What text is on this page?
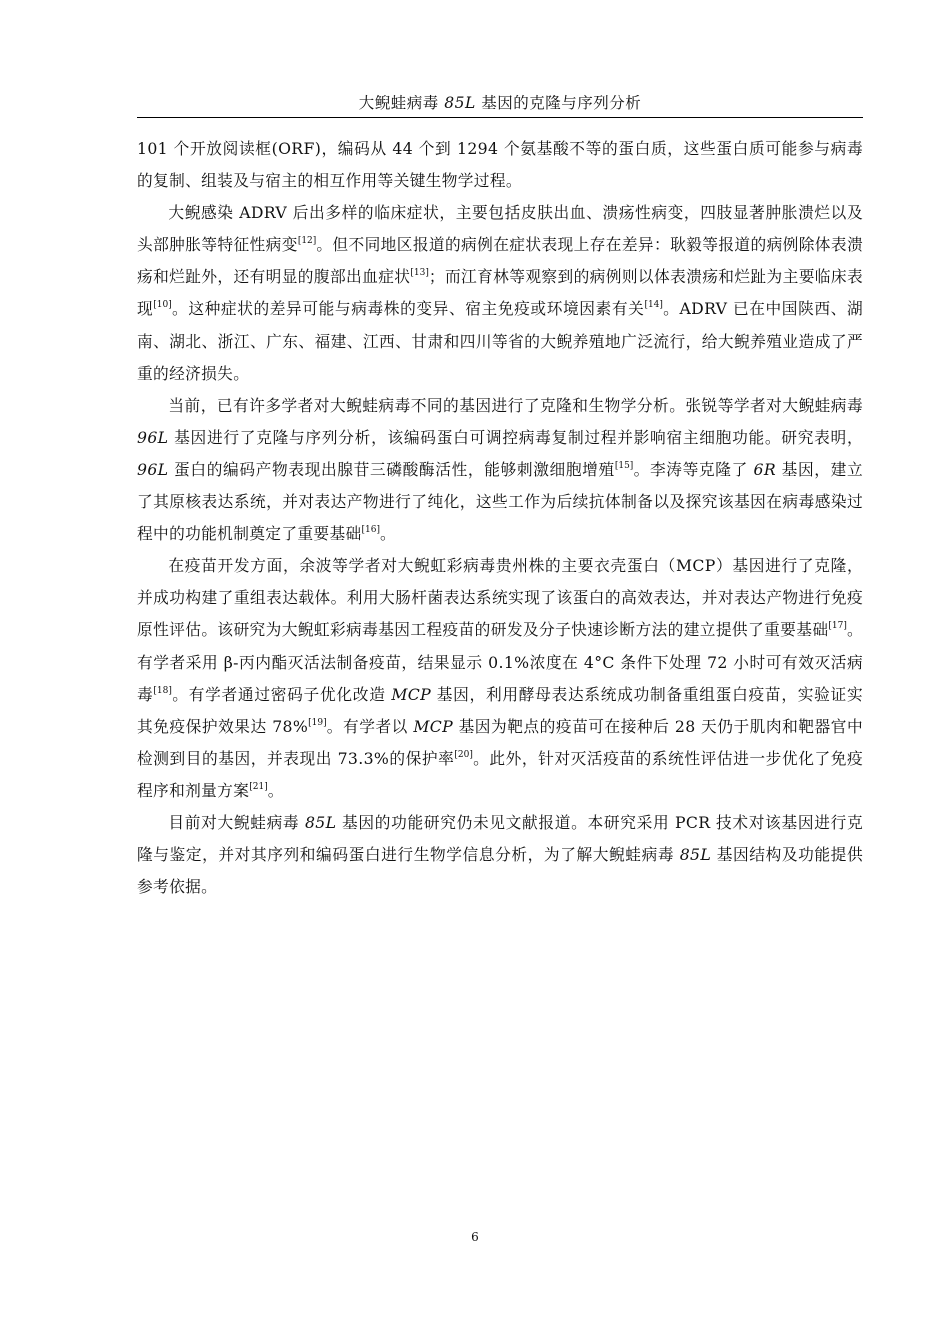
大鲵蛙病毒 85L 基因的克隆与序列分析

101 个开放阅读框(ORF)，编码从 44 个到 1294 个氨基酸不等的蛋白质，这些蛋白质可能参与病毒的复制、组装及与宿主的相互作用等关键生物学过程。

大鲵感染 ADRV 后出多样的临床症状，主要包括皮肤出血、溃疡性病变，四肢显著肿胀溃烂以及头部肿胀等特征性病变[12]。但不同地区报道的病例在症状表现上存在差异：耿毅等报道的病例除体表溃疡和烂趾外，还有明显的腹部出血症状[13]；而江育林等观察到的病例则以体表溃疡和烂趾为主要临床表现[10]。这种症状的差异可能与病毒株的变异、宿主免疫或环境因素有关[14]。ADRV 已在中国陕西、湖南、湖北、浙江、广东、福建、江西、甘肃和四川等省的大鲵养殖地广泛流行，给大鲵养殖业造成了严重的经济损失。

当前，已有许多学者对大鲵蛙病毒不同的基因进行了克隆和生物学分析。张锐等学者对大鲵蛙病毒 96L 基因进行了克隆与序列分析，该编码蛋白可调控病毒复制过程并影响宿主细胞功能。研究表明，96L 蛋白的编码产物表现出腺苷三磷酸酶活性，能够刺激细胞增殖[15]。李涛等克隆了 6R 基因，建立了其原核表达系统，并对表达产物进行了纯化，这些工作为后续抗体制备以及探究该基因在病毒感染过程中的功能机制奠定了重要基础[16]。

在疫苗开发方面，余波等学者对大鲵虹彩病毒贵州株的主要衣壳蛋白（MCP）基因进行了克隆，并成功构建了重组表达载体。利用大肠杆菌表达系统实现了该蛋白的高效表达，并对表达产物进行免疫原性评估。该研究为大鲵虹彩病毒基因工程疫苗的研发及分子快速诊断方法的建立提供了重要基础[17]。有学者采用 β-丙内酯灭活法制备疫苗，结果显示 0.1%浓度在 4°C 条件下处理 72 小时可有效灭活病毒[18]。有学者通过密码子优化改造 MCP 基因，利用酵母表达系统成功制备重组蛋白疫苗，实验证实其免疫保护效果达 78%[19]。有学者以 MCP 基因为靶点的疫苗可在接种后 28 天仍于肌肉和靶器官中检测到目的基因，并表现出 73.3%的保护率[20]。此外，针对灭活疫苗的系统性评估进一步优化了免疫程序和剂量方案[21]。

目前对大鲵蛙病毒 85L 基因的功能研究仍未见文献报道。本研究采用 PCR 技术对该基因进行克隆与鉴定，并对其序列和编码蛋白进行生物学信息分析，为了解大鲵蛙病毒 85L 基因结构及功能提供参考依据。

6
